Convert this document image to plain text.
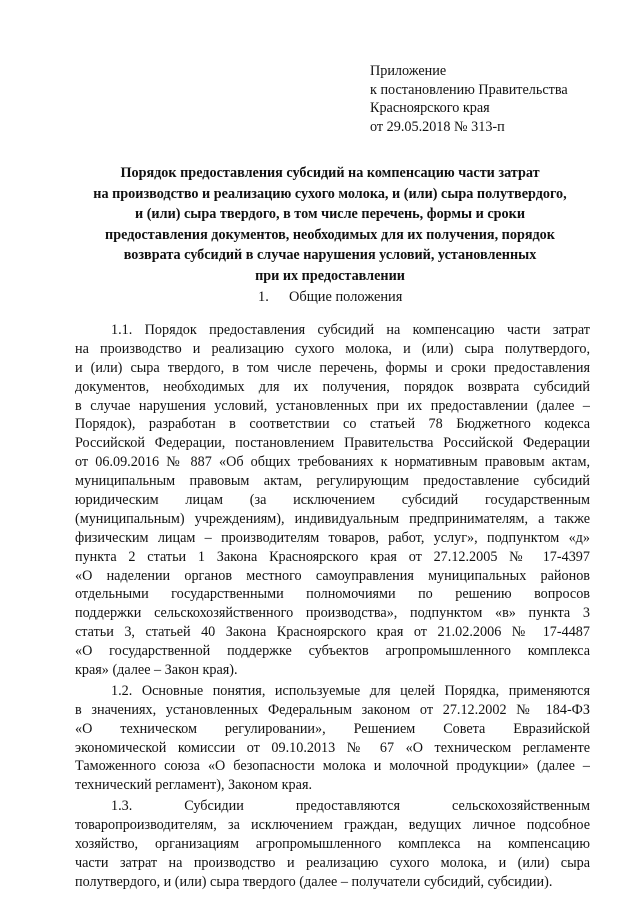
Приложение
к постановлению Правительства
Красноярского края
от 29.05.2018 № 313-п
Порядок предоставления субсидий на компенсацию части затрат
на производство и реализацию сухого молока, и (или) сыра полутвердого,
и (или) сыра твердого, в том числе перечень, формы и сроки
предоставления документов, необходимых для их получения, порядок
возврата субсидий в случае нарушения условий, установленных
при их предоставлении
1. Общие положения
1.1. Порядок предоставления субсидий на компенсацию части затрат
на производство и реализацию сухого молока, и (или) сыра полутвердого,
и (или) сыра твердого, в том числе перечень, формы и сроки предоставления
документов, необходимых для их получения, порядок возврата субсидий
в случае нарушения условий, установленных при их предоставлении (далее –
Порядок), разработан в соответствии со статьей 78 Бюджетного кодекса
Российской Федерации, постановлением Правительства Российской Федерации
от 06.09.2016 № 887 «Об общих требованиях к нормативным правовым актам,
муниципальным правовым актам, регулирующим предоставление субсидий
юридическим лицам (за исключением субсидий государственным
(муниципальным) учреждениям), индивидуальным предпринимателям, а также
физическим лицам – производителям товаров, работ, услуг», подпунктом «д»
пункта 2 статьи 1 Закона Красноярского края от 27.12.2005 № 17-4397
«О наделении органов местного самоуправления муниципальных районов
отдельными государственными полномочиями по решению вопросов
поддержки сельскохозяйственного производства», подпунктом «в» пункта 3
статьи 3, статьей 40 Закона Красноярского края от 21.02.2006 № 17-4487
«О государственной поддержке субъектов агропромышленного комплекса
края» (далее – Закон края).
1.2. Основные понятия, используемые для целей Порядка, применяются
в значениях, установленных Федеральным законом от 27.12.2002 № 184-ФЗ
«О техническом регулировании», Решением Совета Евразийской
экономической комиссии от 09.10.2013 № 67 «О техническом регламенте
Таможенного союза «О безопасности молока и молочной продукции» (далее –
технический регламент), Законом края.
1.3. Субсидии предоставляются сельскохозяйственным
товаропроизводителям, за исключением граждан, ведущих личное подсобное
хозяйство, организациям агропромышленного комплекса на компенсацию
части затрат на производство и реализацию сухого молока, и (или) сыра
полутвердого, и (или) сыра твердого (далее – получатели субсидий, субсидии).
